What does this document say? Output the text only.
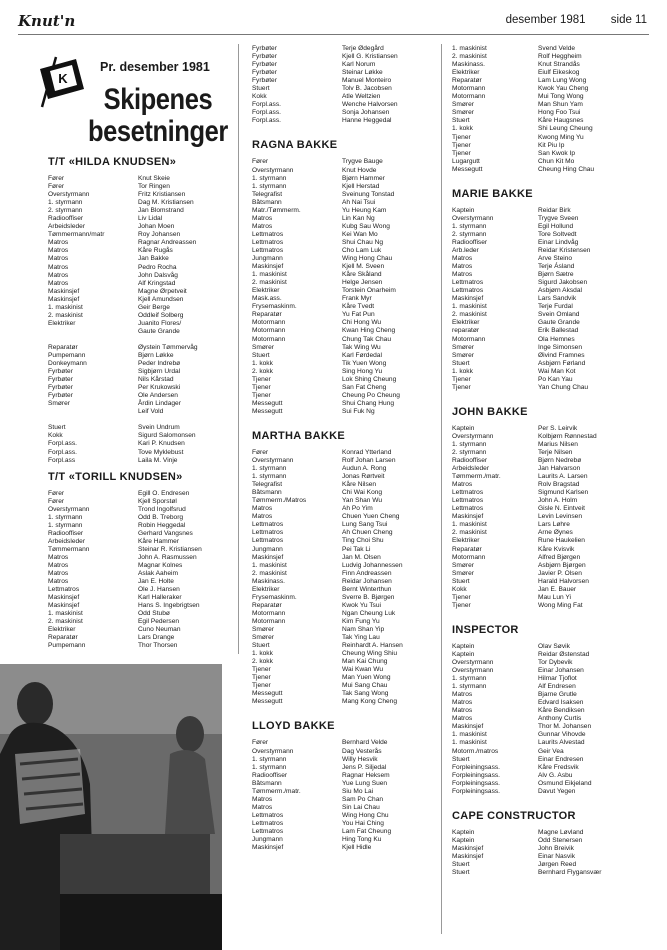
Knut'n	desember 1981 side 11
K
Pr. desember 1981
Skipenes
besetninger
T/T «HILDA KNUDSEN»
Fører	Knut Skeie
Fører	Tor Ringen
Overstyrmann	Fritz Kristiansen
1. styrmann	Dag M. Kristiansen
2. styrmann	Jan Blomstrand
Radiooffiser	Liv Lidal
Arbeidsleder	Johan Moen
Tømmermann/matr	Roy Johansen
Matros	Ragnar Andreassen
Matros	Kåre Rugås
Matros	Jan Bakke
Matros	Pedro Rocha
Matros	John Dalsvåg
Matros	Alf Kringstad
Maskinsjef	Magne Ørpetveit
Maskinsjef	Kjell Amundsen
1. maskinist	Geir Berge
2. maskinist	Oddleif Solberg
Elektriker	Juanito Flores/
Gaute Grande
Reparatør	Øystein Tømmervåg
Pumpemann	Bjørn Løkke
Donkeymann	Peder Indrebø
Fyrbøter	Sigbjørn Urdal
Fyrbøter	Nils Kårstad
Fyrbøter	Per Krukowski
Fyrbøter	Ole Andersen
Smører	Årdin Lindager
Leif Vold
Stuert	Svein Undrum
Kokk	Sigurd Salomonsen
Forpl.ass.	Kari P. Knudsen
Forpl.ass.	Tove Myklebust
Forpl.ass	Laila M. Vinje
T/T «TORILL KNUDSEN»
Fører	Egill O. Endresen
Fører	Kjell Sporstøl
Overstyrmann	Trond Ingolfsrud
1. styrmann	Odd B. Treborg
1. styrmann	Robin Heggedal
Radiooffiser	Gerhard Vangsnes
Arbeidsleder	Kåre Hammer
Tømmermann	Steinar R. Kristiansen
Matros	John A. Rasmussen
Matros	Magnar Kolnes
Matros	Aslak Aaheim
Matros	Jan E. Holte
Lettmatros	Ole J. Hansen
Maskinsjef	Karl Halleraker
Maskinsjef	Hans S. Ingebrigtsen
1. maskinist	Odd Stubø
2. maskinist	Egil Pedersen
Elektriker	Cuno Neuman
Reparatør	Lars Drange
Pumpemann	Thor Thorsen
Fyrbøter	Terje Ødegård
Fyrbøter	Kjell G. Kristiansen
Fyrbøter	Karl Norum
Fyrbøter	Steinar Løkke
Fyrbøter	Manuel Monteiro
Stuert	Tolv B. Jacobsen
Kokk	Atle Weltzien
Forpl.ass.	Wenche Halvorsen
Forpl.ass.	Sonja Johansen
Forpl.ass.	Hanne Heggedal
RAGNA BAKKE
Fører	Trygve Bauge
Overstyrmann	Knut Hovde
1. styrmann	Bjørn Hammer
1. styrmann	Kjell Herstad
Telegrafist	Sveinung Tonstad
Båtsmann	Ah Nai Tsui
Matr./Tømmerm.	Yu Heung Kam
Matros	Lin Kan Ng
Matros	Kubg Sau Wong
Lettmatros	Kei Wan Mo
Lettmatros	Shui Chau Ng
Lettmatros	Cho Lam Luk
Jungmann	Wing Hong Chau
Maskinsjef	Kjell M. Sveen
1. maskinist	Kåre Skåland
2. maskinist	Helge Jensen
Elektriker	Torstein Onarheim
Mask.ass.	Frank Myr
Frysemaskinm.	Kåre Tvedt
Reparatør	Yu Fat Pun
Motormann	Chi Hong Wu
Motormann	Kwan Hing Cheng
Motormann	Chung Tak Chau
Smører	Tak Wing Wu
Stuert	Karl Førdedal
1. kokk	Tik Yuen Wong
2. kokk	Sing Hong Yu
Tjener	Lok Shing Cheung
Tjener	San Fat Cheng
Tjener	Cheung Po Cheung
Messegutt	Shui Chang Hung
Messegutt	Sui Fuk Ng
MARTHA BAKKE
Fører	Konrad Ytterland
Overstyrmann	Rolf Johan Larsen
1. styrmann	Audun A. Rong
1. styrmann	Jonas Rørtveit
Telegrafist	Kåre Nilsen
Båtsmann	Chi Wai Kong
Tømmerm./Matros	Yan Shan Wu
Matros	Ah Po Yim
Matros	Chuen Yuen Cheng
Lettmatros	Lung Sang Tsui
Lettmatros	Ah Chuen Cheng
Lettmatros	Ting Choi Shu
Jungmann	Pei Tak Li
Maskinsjef	Jan M. Olsen
1. maskinist	Ludvig Johannessen
2. maskinist	Finn Andreassen
Maskinass.	Reidar Johansen
Elektriker	Bernt Winterthun
Frysemaskinm.	Sverre B. Bjørgen
Reparatør	Kwok Yu Tsui
Motormann	Ngan Cheung Luk
Motormann	Kim Fung Yu
Smører	Nam Shan Yip
Smører	Tak Ying Lau
Stuert	Reinhardt A. Hansen
1. kokk	Cheung Wing Shiu
2. kokk	Man Kai Chung
Tjener	Wai Kwan Wu
Tjener	Man Yuen Wong
Tjener	Mui Sang Chau
Messegutt	Tak Sang Wong
Messegutt	Mang Kong Cheng
LLOYD BAKKE
Fører	Bernhard Velde
Overstyrmann	Dag Vesterås
1. styrmann	Willy Hesvik
1. styrmann	Jens P. Siljedal
Radiooffiser	Ragnar Heksem
Båtsmann	Yue Lung Suen
Tømmerm./matr.	Siu Mo Lai
Matros	Sam Po Chan
Matros	Sin Lai Chau
Lettmatros	Wing Hong Chu
Lettmatros	You Hai Ching
Lettmatros	Lam Fat Cheung
Jungmann	Hing Tong Ku
Maskinsjef	Kjell Hidle
1. maskinist	Svend Velde
2. maskinist	Rolf Heggheim
Maskinass.	Knut Strandås
Elektriker	Eiulf Eikeskog
Reparatør	Lam Lung Wong
Motormann	Kwok Yau Cheng
Motormann	Mui Tong Wong
Smører	Man Shun Yam
Smører	Hong Foo Tsui
Stuert	Kåre Haugsnes
1. kokk	Shi Leung Cheung
Tjener	Kwong Ming Yu
Tjener	Kit Piu Ip
Tjener	San Kwok Ip
Lugargutt	Chun Kit Mo
Messegutt	Cheung Hing Chau
MARIE BAKKE
Kaptein	Reidar Birk
Overstyrmann	Trygve Sveen
1. styrmann	Egil Hollund
2. styrmann	Tore Soltvedt
Radiooffiser	Einar Lindvåg
Arb.leder	Reidar Kristensen
Matros	Arve Steino
Matros	Terje Ásland
Matros	Bjørn Sætre
Lettmatros	Sigurd Jakobsen
Lettmatros	Asbjørn Aksdal
Maskinsjef	Lars Sandvik
1. maskinist	Terje Furdal
2. maskinist	Svein Omland
Elektriker	Gaute Grande
reparatør	Erik Ballestad
Motormann	Ola Hemnes
Smører	Inge Simonsen
Smører	Øivind Framnes
Stuert	Asbjørn Førland
1. kokk	Wai Man Kot
Tjener	Po Kan Yau
Tjener	Yan Chung Chau
JOHN BAKKE
Kaptein	Per S. Leirvik
Overstyrmann	Kolbjørn Rønnestad
1. styrmann	Marius Nilsen
2. styrmann	Terje Nilsen
Radiooffiser	Bjørn Nedrebø
Arbeidsleder	Jan Halvarson
Tømmerm./matr.	Laurits A. Larsen
Matros	Rolv Bragstad
Lettmatros	Sigmund Karlsen
Lettmatros	John A. Holm
Lettmatros	Gisle N. Eintveit
Maskinsjef	Levin Levinsen
1. maskinist	Lars Løhre
2. maskinist	Arne Øynes
Elektriker	Rune Haukelien
Reparatør	Kåre Kvisvik
Motormann	Alfred Bjørgen
Smører	Asbjørn Bjørgen
Smører	Javier P. Olsen
Stuert	Harald Halvorsen
Kokk	Jan E. Bauer
Tjener	Mau Lun Yi
Tjener	Wong Ming Fat
INSPECTOR
Kaptein	Olav Søvik
Kaptein	Reidar Østenstad
Overstyrmann	Tor Dybevik
Overstyrmann	Einar Johansen
1. styrmann	Hilmar Tjoflot
1. styrmann	Alf Endresen
Matros	Bjarne Grutle
Matros	Edvard Isaksen
Matros	Kåre Bendiksen
Matros	Anthony Curtis
Maskinsjef	Thor M. Johansen
1. maskinist	Gunnar Vihovde
1. maskinist	Laurits Alvestad
Motorm./matros	Geir Vea
Stuert	Einar Endresen
Forpleiningsass.	Kåre Fredsvik
Forpleiningsass.	Alv G. Asbu
Forpleiningsass.	Osmund Eikjeland
Forpleiningsass.	Davut Yegen
CAPE CONSTRUCTOR
Kaptein	Magne Løvland
Kaptein	Odd Stenersen
Maskinsjef	John Breivik
Maskinsjef	Einar Nasvik
Stuert	Jørgen Reed
Stuert	Bernhard Flygansvær
